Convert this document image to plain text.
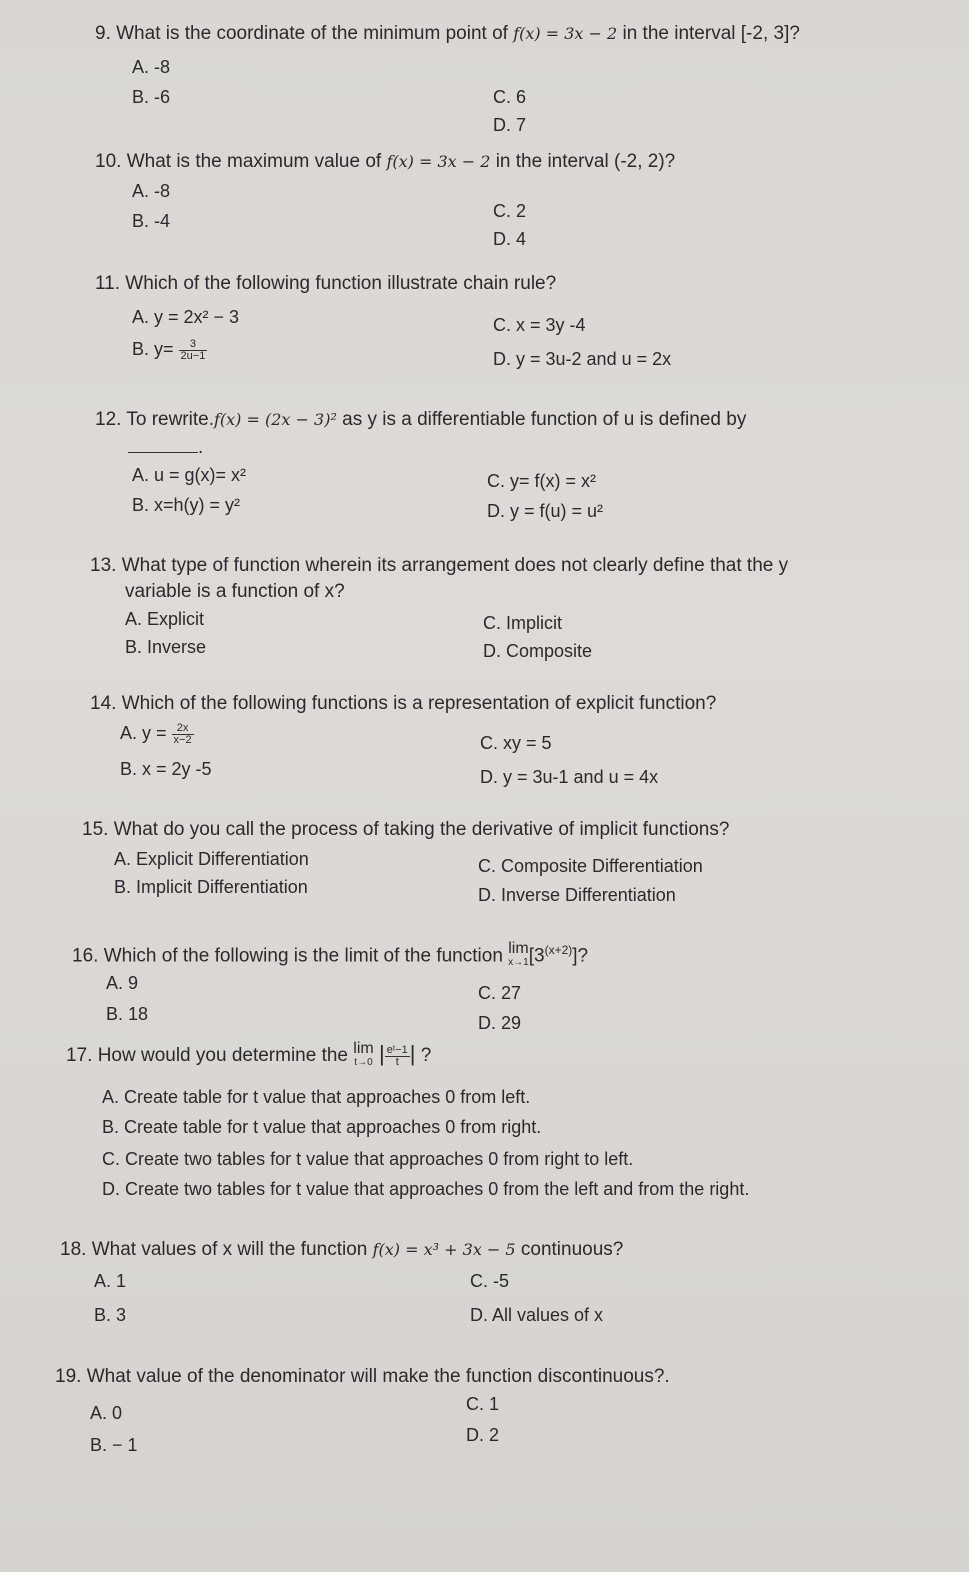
9. What is the coordinate of the minimum point of f(x) = 3x − 2 in the interval [-2, 3]?
A. -8
B. -6	C. 6
D. 7
10. What is the maximum value of f(x) = 3x − 2 in the interval (-2, 2)?
A. -8
B. -4	C. 2
D. 4
11. Which of the following function illustrate chain rule?
A. y = 2x² − 3
B. $y= \frac{3}{2u-1}$
C. x = 3y -4
D. y = 3u-2 and u = 2x
12. To rewrite.f(x) = (2x − 3)² as y is a differentiable function of u is defined by
.
A. u = g(x)= x²
B. x=h(y) = y²
C. y= f(x) = x²
D. y = f(u) = u²
13. What type of function wherein its arrangement does not clearly define that the y
variable is a function of x?
A. Explicit
B. Inverse
C. Implicit
D. Composite
14. Which of the following functions is a representation of explicit function?
A. $y = \frac{2x}{x-2}$
B. x = 2y -5
C. xy = 5
D. y = 3u-1 and u = 4x
15. What do you call the process of taking the derivative of implicit functions?
A. Explicit Differentiation
B. Implicit Differentiation
C. Composite Differentiation
D. Inverse Differentiation
16. Which of the following is the limit of the function lim
x→1 $[3^{(x+2)}]$?
A. 9
B. 18
C. 27
D. 29
17. How would you determine the lim
t→0 | $\frac{\text{eᵗ−1}}{t}$ | ?
A. Create table for t value that approaches 0 from left.
B. Create table for t value that approaches 0 from right.
C. Create two tables for t value that approaches 0 from right to left.
D. Create two tables for t value that approaches 0 from the left and from the right.
18. What values of x will the function f(x) = x³ + 3x − 5 continuous?
A. 1
B. 3
C. -5
D. All values of x
19. What value of the denominator will make the function discontinuous?.
A. 0
B. − 1
C. 1
D. 2
